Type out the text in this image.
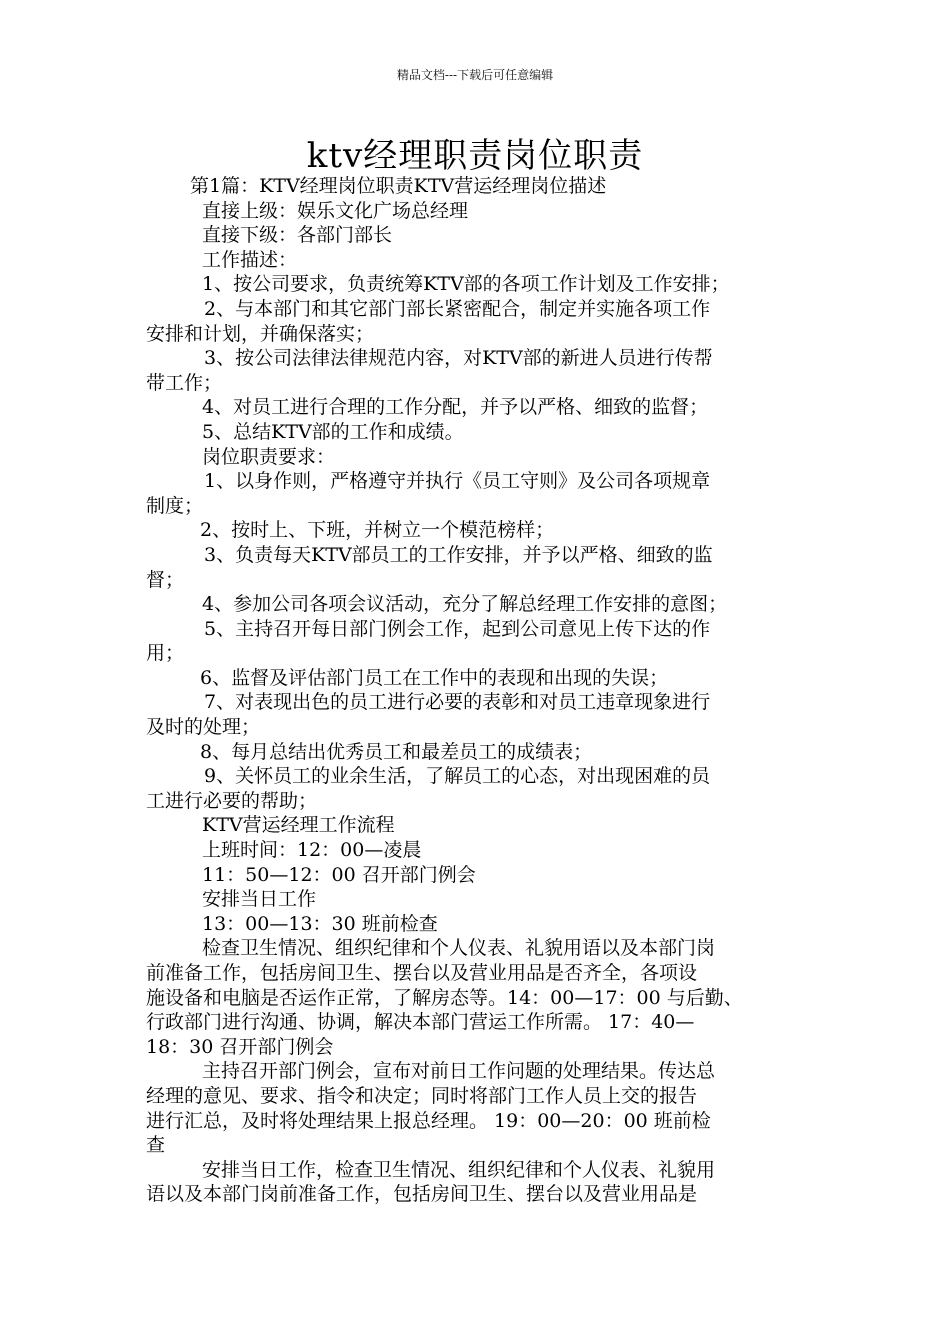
精品文档---下载后可任意编辑
ktv经理职责岗位职责
第1篇：KTV经理岗位职责KTV营运经理岗位描述
直接上级：娱乐文化广场总经理
直接下级：各部门部长
工作描述：
1、按公司要求，负责统筹KTV部的各项工作计划及工作安排；
2、与本部门和其它部门部长紧密配合，制定并实施各项工作
安排和计划，并确保落实；
3、按公司法律法律规范内容，对KTV部的新进人员进行传帮
带工作；
4、对员工进行合理的工作分配，并予以严格、细致的监督；
5、总结KTV部的工作和成绩。
岗位职责要求：
1、以身作则，严格遵守并执行《员工守则》及公司各项规章
制度；
2、按时上、下班，并树立一个模范榜样；
3、负责每天KTV部员工的工作安排，并予以严格、细致的监
督；
4、参加公司各项会议活动，充分了解总经理工作安排的意图；
5、主持召开每日部门例会工作，起到公司意见上传下达的作
用；
6、监督及评估部门员工在工作中的表现和出现的失误；
7、对表现出色的员工进行必要的表彰和对员工违章现象进行
及时的处理；
8、每月总结出优秀员工和最差员工的成绩表；
9、关怀员工的业余生活，了解员工的心态，对出现困难的员
工进行必要的帮助；
KTV营运经理工作流程
上班时间：12：00—凌晨
11：50—12：00 召开部门例会
安排当日工作
13：00—13：30 班前检查
检查卫生情况、组织纪律和个人仪表、礼貌用语以及本部门岗
前准备工作，包括房间卫生、摆台以及营业用品是否齐全，各项设
施设备和电脑是否运作正常，了解房态等。14：00—17：00 与后勤、
行政部门进行沟通、协调，解决本部门营运工作所需。 17：40—
18：30 召开部门例会
主持召开部门例会，宣布对前日工作问题的处理结果。传达总
经理的意见、要求、指令和决定；同时将部门工作人员上交的报告
进行汇总，及时将处理结果上报总经理。 19：00—20：00 班前检
查
安排当日工作，检查卫生情况、组织纪律和个人仪表、礼貌用
语以及本部门岗前准备工作，包括房间卫生、摆台以及营业用品是
